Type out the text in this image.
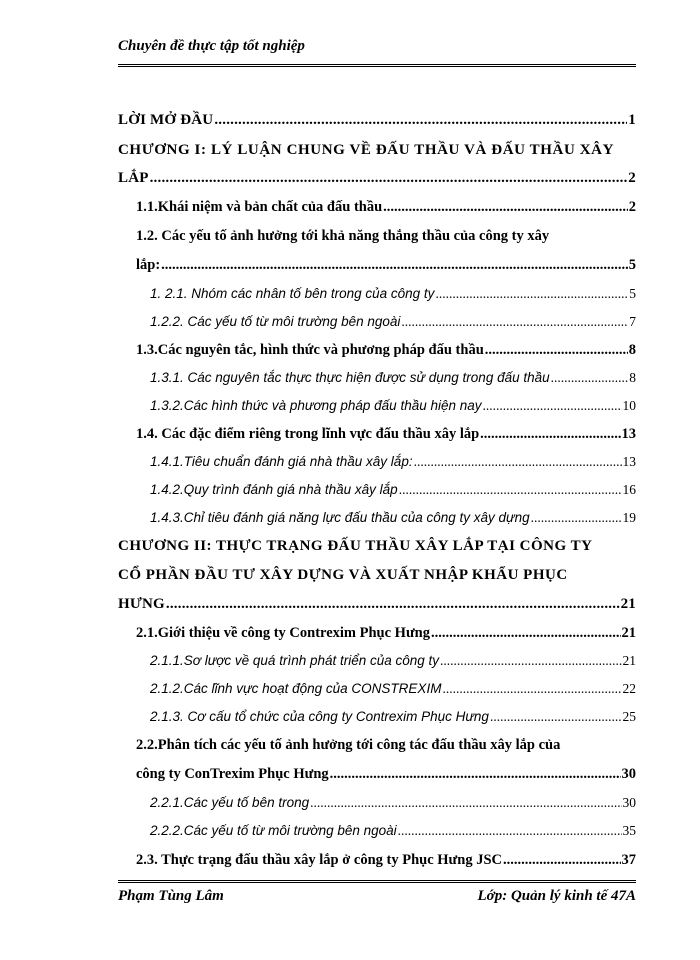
Chuyên đề thực tập tốt nghiệp
LỜI MỞ ĐẦU .....	1
CHƯƠNG I: LÝ LUẬN CHUNG VỀ ĐẤU THẦU VÀ ĐẤU THẦU XÂY
LẮP .....	2
1.1.Khái niệm và bản chất của đấu thầu .....	2
1.2. Các yếu tố ảnh hưởng tới khả năng thắng thầu của công ty xây
lắp: .....	5
1. 2.1. Nhóm các nhân tố bên trong của công ty .....	5
1.2.2. Các yếu tố từ môi trường bên ngoài .....	7
1.3.Các nguyên tắc, hình thức và phương pháp đấu thầu .....	8
1.3.1. Các nguyên tắc thực thực hiện được sử dụng trong đấu thầu .....	8
1.3.2.Các hình thức và phương pháp đấu thầu hiện nay .....	10
1.4. Các đặc điểm riêng trong lĩnh vực đấu thầu xây lắp .....	13
1.4.1.Tiêu chuẩn đánh giá nhà thầu xây lắp: .....	13
1.4.2.Quy trình đánh giá nhà thầu xây lắp .....	16
1.4.3.Chỉ tiêu đánh giá năng lực đấu thầu của công ty xây dựng .....	19
CHƯƠNG II: THỰC TRẠNG ĐẤU THẦU XÂY LẮP TẠI CÔNG TY
CỔ PHẦN ĐẦU TƯ XÂY DỰNG VÀ XUẤT NHẬP KHẨU PHỤC
HƯNG .....	21
2.1.Giới thiệu về công ty Contrexim Phục Hưng .....	21
2.1.1.Sơ lược về quá trình phát triển của công ty .....	21
2.1.2.Các lĩnh vực hoạt động của CONSTREXIM .....	22
2.1.3. Cơ cấu tổ chức của công ty Contrexim Phục Hưng .....	25
2.2.Phân tích các yếu tố ảnh hưởng tới công tác đấu thầu xây lắp của
công ty ConTrexim Phục Hưng .....	30
2.2.1.Các yếu tố bên trong .....	30
2.2.2.Các yếu tố từ môi trường bên ngoài .....	35
2.3. Thực trạng đấu thầu xây lắp ở công ty Phục Hưng JSC .....	37
Phạm Tùng Lâm	Lớp: Quản lý kinh tế 47A
